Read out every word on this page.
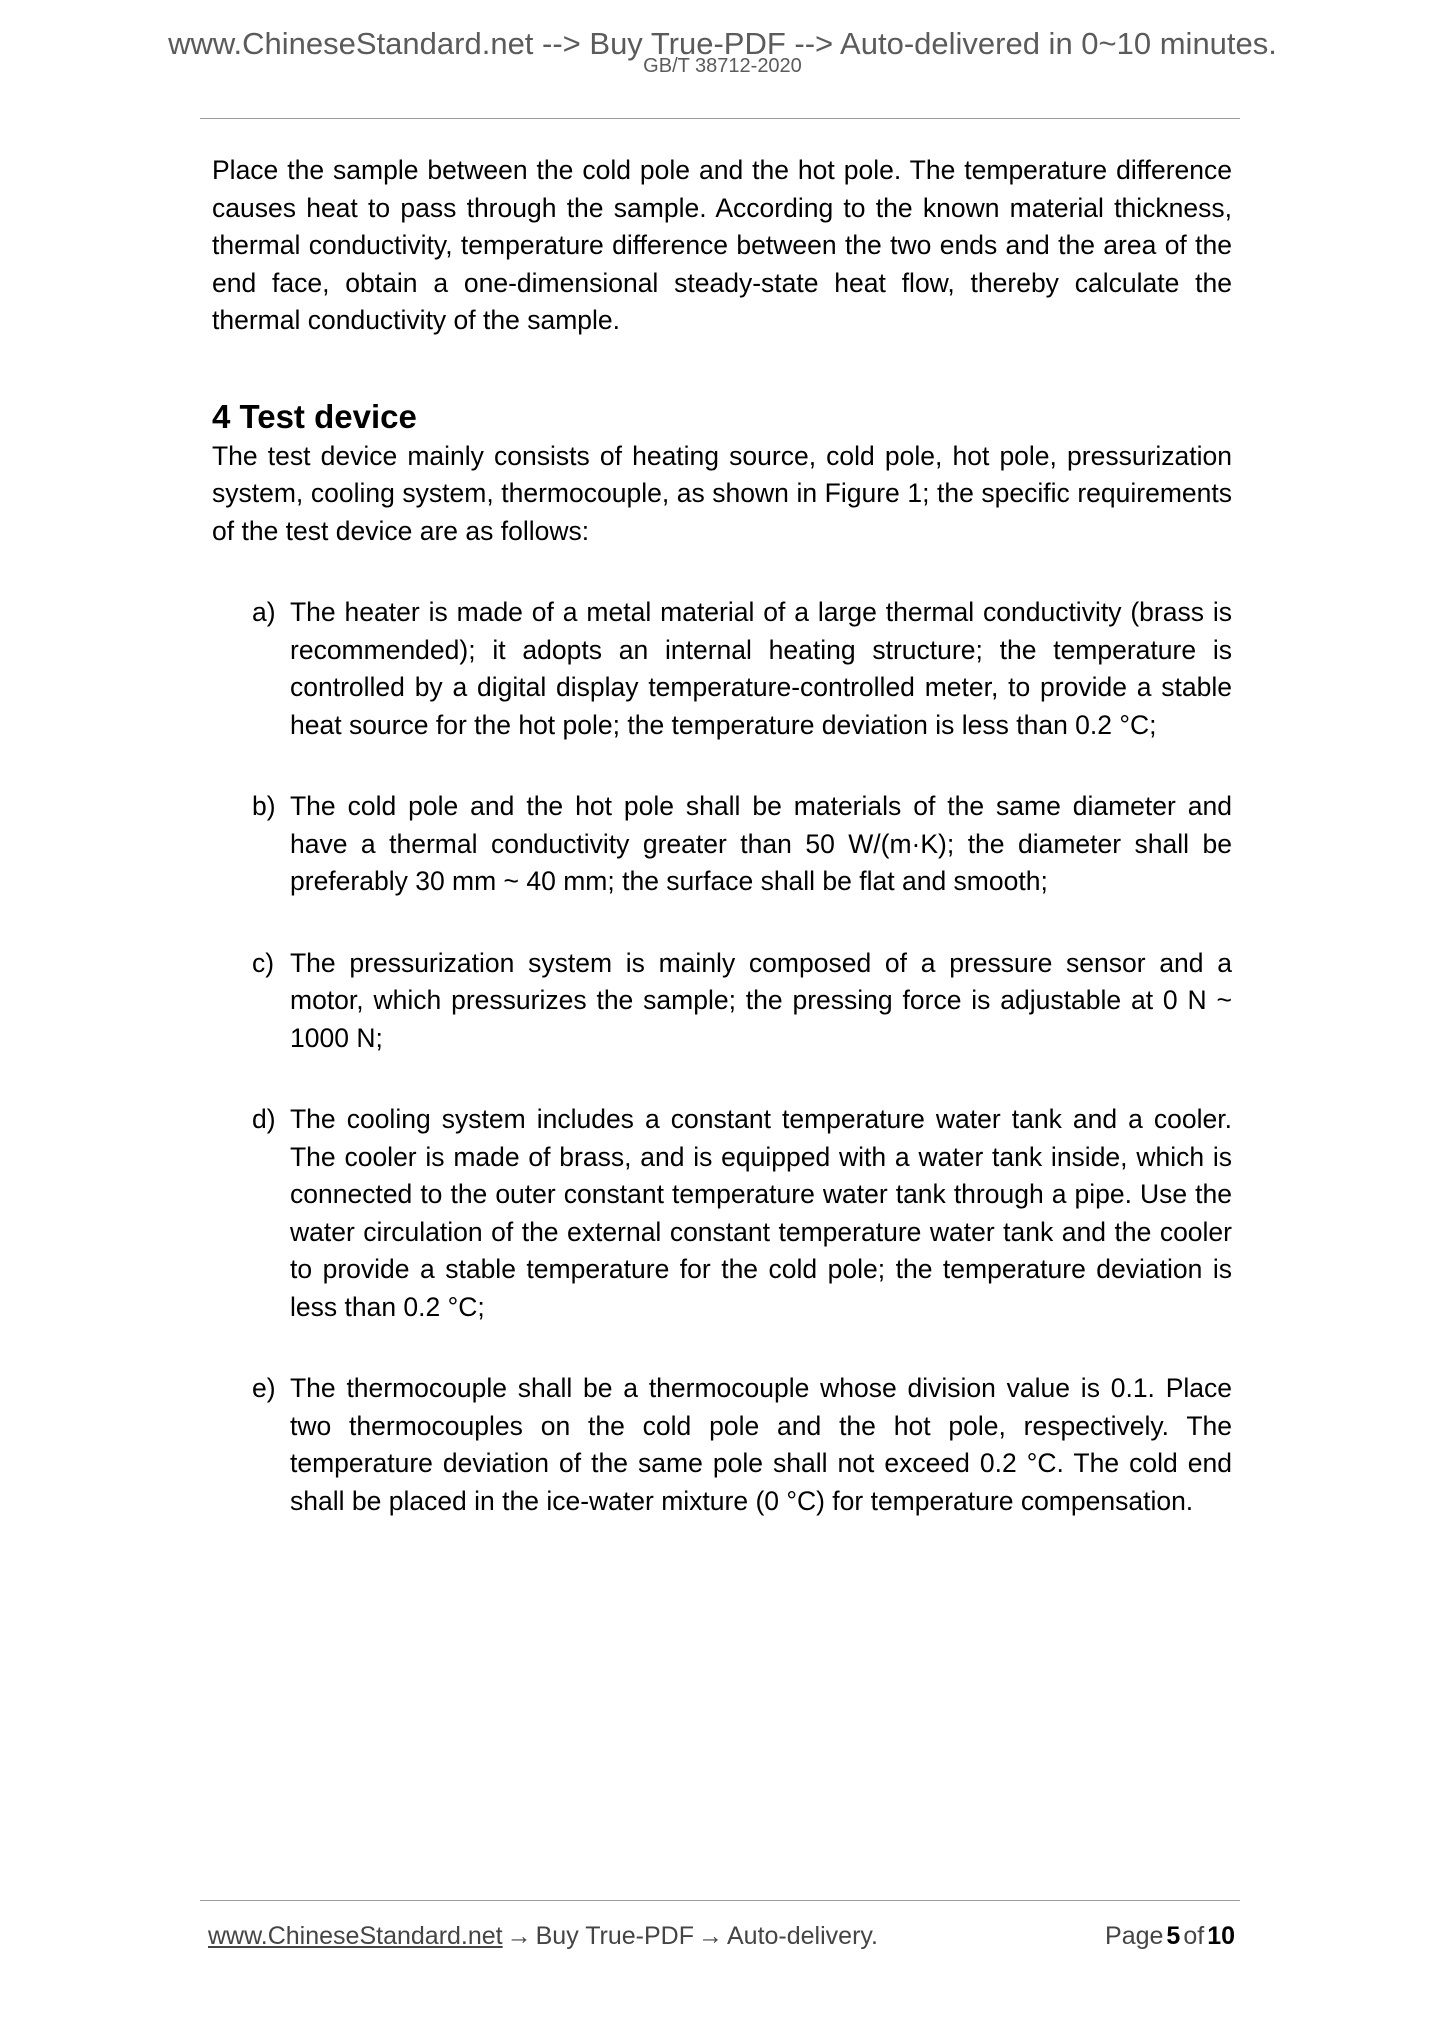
www.ChineseStandard.net --> Buy True-PDF --> Auto-delivered in 0~10 minutes.
GB/T 38712-2020

Place the sample between the cold pole and the hot pole. The temperature difference causes heat to pass through the sample. According to the known material thickness, thermal conductivity, temperature difference between the two ends and the area of the end face, obtain a one-dimensional steady-state heat flow, thereby calculate the thermal conductivity of the sample.

4 Test device

The test device mainly consists of heating source, cold pole, hot pole, pressurization system, cooling system, thermocouple, as shown in Figure 1; the specific requirements of the test device are as follows:

a) The heater is made of a metal material of a large thermal conductivity (brass is recommended); it adopts an internal heating structure; the temperature is controlled by a digital display temperature-controlled meter, to provide a stable heat source for the hot pole; the temperature deviation is less than 0.2 °C;
b) The cold pole and the hot pole shall be materials of the same diameter and have a thermal conductivity greater than 50 W/(m·K); the diameter shall be preferably 30 mm ~ 40 mm; the surface shall be flat and smooth;
c) The pressurization system is mainly composed of a pressure sensor and a motor, which pressurizes the sample; the pressing force is adjustable at 0 N ~ 1000 N;
d) The cooling system includes a constant temperature water tank and a cooler. The cooler is made of brass, and is equipped with a water tank inside, which is connected to the outer constant temperature water tank through a pipe. Use the water circulation of the external constant temperature water tank and the cooler to provide a stable temperature for the cold pole; the temperature deviation is less than 0.2 °C;
e) The thermocouple shall be a thermocouple whose division value is 0.1. Place two thermocouples on the cold pole and the hot pole, respectively. The temperature deviation of the same pole shall not exceed 0.2 °C. The cold end shall be placed in the ice-water mixture (0 °C) for temperature compensation.
www.ChineseStandard.net → Buy True-PDF → Auto-delivery.	Page 5 of 10
